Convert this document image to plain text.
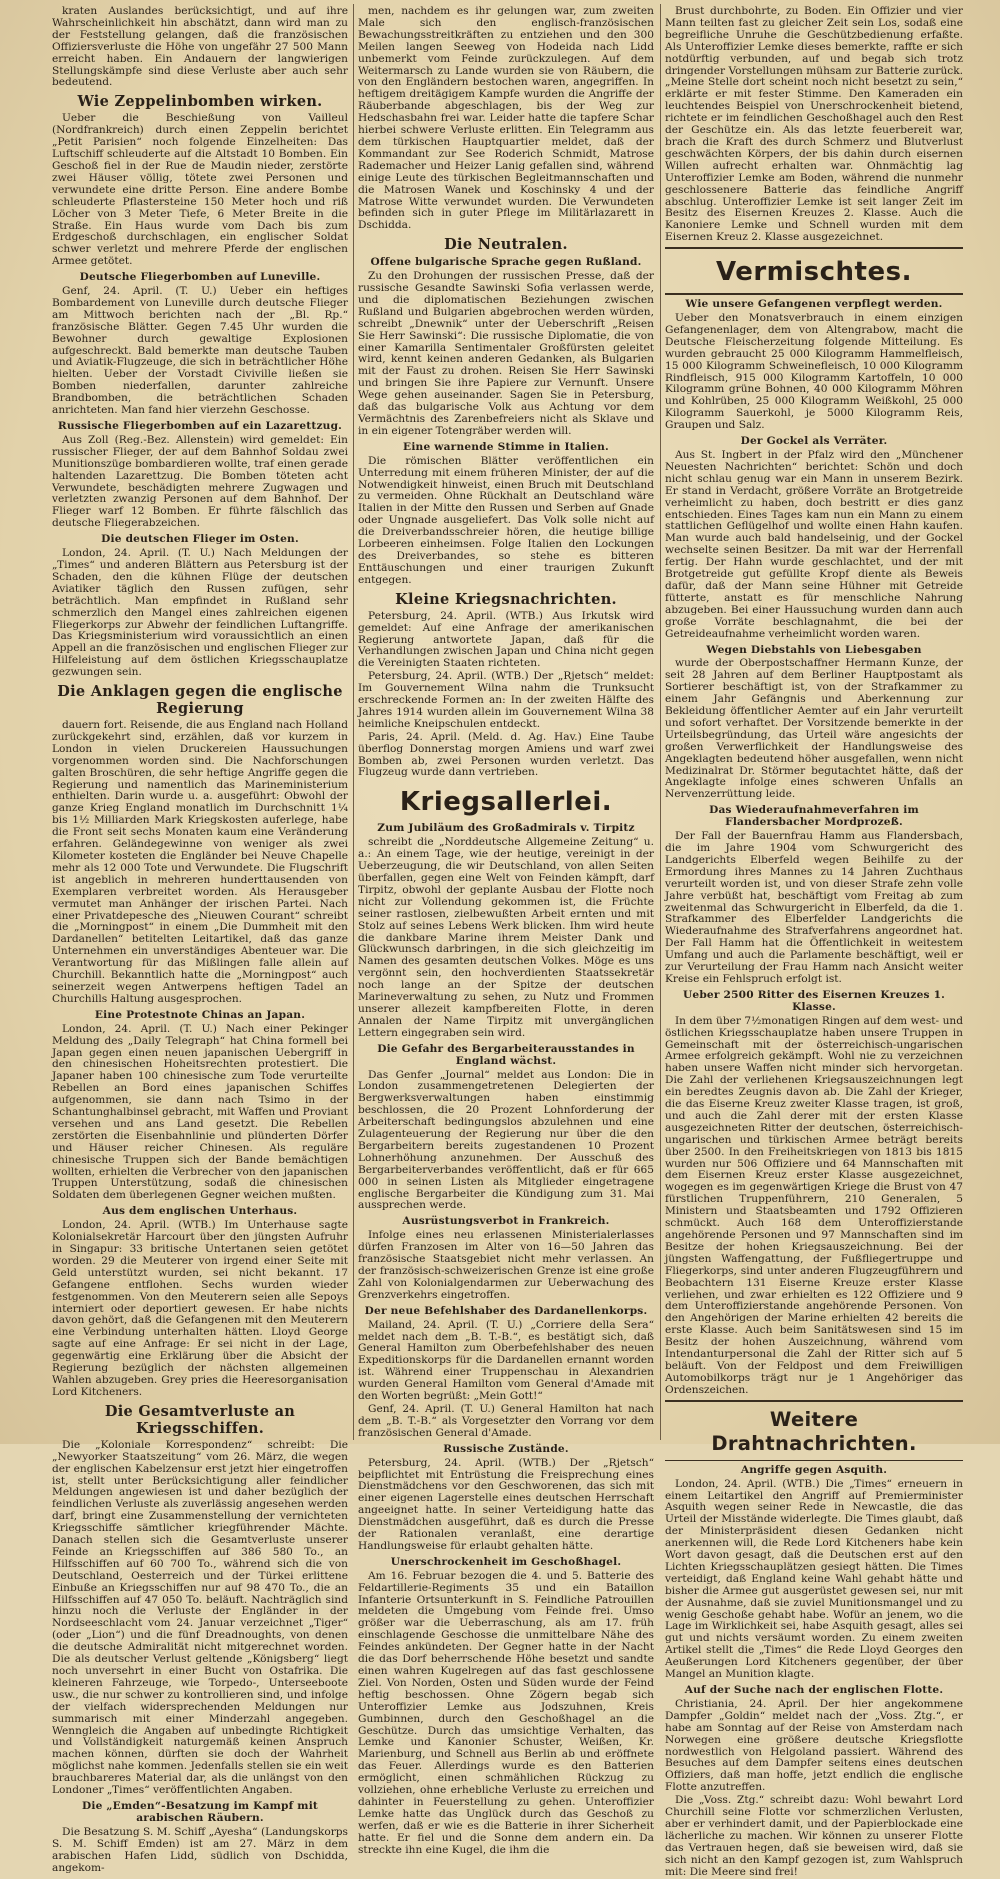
kraten Auslandes berücksichtigt, und auf ihre Wahrscheinlichkeit hin abschätzt, dann wird man zu der Feststellung gelangen, daß die französischen Offiziersverluste die Höhe von ungefähr 27 500 Mann erreicht haben. Ein Andauern der langwierigen Stellungskämpfe sind diese Verluste aber auch sehr bedeutend.

Wie Zeppelinbomben wirken.

Ueber die Beschießung von Vailleul (Nordfrankreich) durch einen Zeppelin berichtet „Petit Parisien“ noch folgende Einzelheiten: Das Luftschiff schleuderte auf die Altstadt 10 Bomben. Ein Geschoß fiel in der Rue de Maudin nieder, zerstörte zwei Häuser völlig, tötete zwei Personen und verwundete eine dritte Person. Eine andere Bombe schleuderte Pflastersteine 150 Meter hoch und riß Löcher von 3 Meter Tiefe, 6 Meter Breite in die Straße. Ein Haus wurde vom Dach bis zum Erdgeschoß durchschlagen, ein englischer Soldat schwer verletzt und mehrere Pferde der englischen Armee getötet.

Deutsche Fliegerbomben auf Luneville.

Genf, 24. April. (T. U.) Ueber ein heftiges Bombardement von Luneville durch deutsche Flieger am Mittwoch berichten nach der „Bl. Rp.“ französische Blätter. Gegen 7.45 Uhr wurden die Bewohner durch gewaltige Explosionen aufgeschreckt. Bald bemerkte man deutsche Tauben und Aviatik-Flugzeuge, die sich in beträchtlicher Höhe hielten. Ueber der Vorstadt Civiville ließen sie Bomben niederfallen, darunter zahlreiche Brandbomben, die beträchtlichen Schaden anrichteten. Man fand hier vierzehn Geschosse.

Russische Fliegerbomben auf ein Lazarettzug.

Aus Zoll (Reg.-Bez. Allenstein) wird gemeldet: Ein russischer Flieger, der auf dem Bahnhof Soldau zwei Munitionszüge bombardieren wollte, traf einen gerade haltenden Lazarettzug. Die Bomben töteten acht Verwundete, beschädigten mehrere Zugwagen und verletzten zwanzig Personen auf dem Bahnhof. Der Flieger warf 12 Bomben. Er führte fälschlich das deutsche Fliegerabzeichen.

Die deutschen Flieger im Osten.

London, 24. April. (T. U.) Nach Meldungen der „Times“ und anderen Blättern aus Petersburg ist der Schaden, den die kühnen Flüge der deutschen Aviatiker täglich den Russen zufügen, sehr beträchtlich. Man empfindet in Rußland sehr schmerzlich den Mangel eines zahlreichen eigenen Fliegerkorps zur Abwehr der feindlichen Luftangriffe. Das Kriegsministerium wird voraussichtlich an einen Appell an die französischen und englischen Flieger zur Hilfeleistung auf dem östlichen Kriegsschauplatze gezwungen sein.

Die Anklagen gegen die englische Regierung

dauern fort. Reisende, die aus England nach Holland zurückgekehrt sind, erzählen, daß vor kurzem in London in vielen Druckereien Haussuchungen vorgenommen worden sind. Die Nachforschungen galten Broschüren, die sehr heftige Angriffe gegen die Regierung und namentlich das Marineministerium enthielten. Darin wurde u. a. ausgeführt: Obwohl der ganze Krieg England monatlich im Durchschnitt 1¼ bis 1½ Milliarden Mark Kriegskosten auferlege, habe die Front seit sechs Monaten kaum eine Veränderung erfahren. Geländegewinne von weniger als zwei Kilometer kosteten die Engländer bei Neuve Chapelle mehr als 12 000 Tote und Verwundete. Die Flugschrift ist angeblich in mehreren hunderttausenden von Exemplaren verbreitet worden. Als Herausgeber vermutet man Anhänger der irischen Partei. Nach einer Privatdepesche des „Nieuwen Courant“ schreibt die „Morningpost“ in einem „Die Dummheit mit den Dardanellen“ betitelten Leitartikel, daß das ganze Unternehmen ein unverständiges Abenteuer war. Die Verantwortung für das Mißlingen falle allein auf Churchill. Bekanntlich hatte die „Morningpost“ auch seinerzeit wegen Antwerpens heftigen Tadel an Churchills Haltung ausgesprochen.

Eine Protestnote Chinas an Japan.

London, 24. April. (T. U.) Nach einer Pekinger Meldung des „Daily Telegraph“ hat China formell bei Japan gegen einen neuen japanischen Uebergriff in den chinesischen Hoheitsrechten protestiert. Die Japaner haben 100 chinesische zum Tode verurteilte Rebellen an Bord eines japanischen Schiffes aufgenommen, sie dann nach Tsimo in der Schantunghalbinsel gebracht, mit Waffen und Proviant versehen und ans Land gesetzt. Die Rebellen zerstörten die Eisenbahnlinie und plünderten Dörfer und Häuser reicher Chinesen. Als reguläre chinesische Truppen sich der Bande bemächtigen wollten, erhielten die Verbrecher von den japanischen Truppen Unterstützung, sodaß die chinesischen Soldaten dem überlegenen Gegner weichen mußten.

Aus dem englischen Unterhaus.

London, 24. April. (WTB.) Im Unterhause sagte Kolonialsekretär Harcourt über den jüngsten Aufruhr in Singapur: 33 britische Untertanen seien getötet worden. 29 die Meuterer von irgend einer Seite mit Geld unterstützt wurden, sei nicht bekannt. 17 Gefangene entflohen. Sechs wurden wieder festgenommen. Von den Meuterern seien alle Sepoys interniert oder deportiert gewesen. Er habe nichts davon gehört, daß die Gefangenen mit den Meuterern eine Verbindung unterhalten hätten. Lloyd George sagte auf eine Anfrage: Er sei nicht in der Lage, gegenwärtig eine Erklärung über die Absicht der Regierung bezüglich der nächsten allgemeinen Wahlen abzugeben. Grey pries die Heeresorganisation Lord Kitcheners.

Die Gesamtverluste an Kriegsschiffen.

Die „Koloniale Korrespondenz“ schreibt: Die „Newyorker Staatszeitung“ vom 26. März, die wegen der englischen Kabelzensur erst jetzt hier eingetroffen ist, stellt unter Berücksichtigung aller feindlicher Meldungen angewiesen ist und daher bezüglich der feindlichen Verluste als zuverlässig angesehen werden darf, bringt eine Zusammenstellung der vernichteten Kriegsschiffe sämtlicher kriegführender Mächte. Danach stellen sich die Gesamtverluste unserer Feinde an Kriegsschiffen auf 386 580 To., an Hilfsschiffen auf 60 700 To., während sich die von Deutschland, Oesterreich und der Türkei erlittene Einbuße an Kriegsschiffen nur auf 98 470 To., die an Hilfsschiffen auf 47 050 To. beläuft. Nachträglich sind hinzu noch die Verluste der Engländer in der Nordseeschlacht vom 24. Januar verzeichnet „Tiger“ (oder „Lion“) und die fünf Dreadnoughts, von denen die deutsche Admiralität nicht mitgerechnet worden. Die als deutscher Verlust geltende „Königsberg“ liegt noch unversehrt in einer Bucht von Ostafrika. Die kleineren Fahrzeuge, wie Torpedo-, Unterseeboote usw., die nur schwer zu kontrollieren sind, und infolge der vielfach widersprechenden Meldungen nur summarisch mit einer Minderzahl angegeben. Wenngleich die Angaben auf unbedingte Richtigkeit und Vollständigkeit naturgemäß keinen Anspruch machen können, dürften sie doch der Wahrheit möglichst nahe kommen. Jedenfalls stellen sie ein weit brauchbareres Material dar, als die unlängst von den Londoner „Times“ veröffentlichten Angaben.

Die „Emden“-Besatzung im Kampf mit arabischen Räubern.

Die Besatzung S. M. Schiff „Ayesha“ (Landungskorps S. M. Schiff Emden) ist am 27. März in dem arabischen Hafen Lidd, südlich von Dschidda, angekom-

men, nachdem es ihr gelungen war, zum zweiten Male sich den englisch-französischen Bewachungsstreitkräften zu entziehen und den 300 Meilen langen Seeweg von Hodeida nach Lidd unbemerkt vom Feinde zurückzulegen. Auf dem Weitermarsch zu Lande wurden sie von Räubern, die von den Engländern bestochen waren, angegriffen. In heftigem dreitägigem Kampfe wurden die Angriffe der Räuberbande abgeschlagen, bis der Weg zur Hedschasbahn frei war. Leider hatte die tapfere Schar hierbei schwere Verluste erlitten. Ein Telegramm aus dem türkischen Hauptquartier meldet, daß der Kommandant zur See Roderich Schmidt, Matrose Rademacher und Heizer Lanig gefallen sind, während einige Leute des türkischen Begleitmannschaften und die Matrosen Wanek und Koschinsky 4 und der Matrose Witte verwundet wurden. Die Verwundeten befinden sich in guter Pflege im Militärlazarett in Dschidda.

Die Neutralen.
Offene bulgarische Sprache gegen Rußland.

Zu den Drohungen der russischen Presse, daß der russische Gesandte Sawinski Sofia verlassen werde, und die diplomatischen Beziehungen zwischen Rußland und Bulgarien abgebrochen werden würden, schreibt „Dnewnik“ unter der Ueberschrift „Reisen Sie Herr Sawinski“: Die russische Diplomatie, die von einer Kamarilla Sentimentaler Großfürsten geleitet wird, kennt keinen anderen Gedanken, als Bulgarien mit der Faust zu drohen. Reisen Sie Herr Sawinski und bringen Sie ihre Papiere zur Vernunft. Unsere Wege gehen auseinander. Sagen Sie in Petersburg, daß das bulgarische Volk aus Achtung vor dem Vermächtnis des Zarenbefreiers nicht als Sklave und in ein eigener Totengräber werden will.

Eine warnende Stimme in Italien.

Die römischen Blätter veröffentlichen ein Unterredung mit einem früheren Minister, der auf die Notwendigkeit hinweist, einen Bruch mit Deutschland zu vermeiden. Ohne Rückhalt an Deutschland wäre Italien in der Mitte den Russen und Serben auf Gnade oder Ungnade ausgeliefert. Das Volk solle nicht auf die Dreiverbandsschreier hören, die heutige billige Lorbeeren einheimsen. Folge Italien den Lockungen des Dreiverbandes, so stehe es bitteren Enttäuschungen und einer traurigen Zukunft entgegen.

Kleine Kriegsnachrichten.

Petersburg, 24. April. (WTB.) Aus Irkutsk wird gemeldet: Auf eine Anfrage der amerikanischen Regierung antwortete Japan, daß für die Verhandlungen zwischen Japan und China nicht gegen die Vereinigten Staaten richteten.

Petersburg, 24. April. (WTB.) Der „Rjetsch“ meldet: Im Gouvernement Wilna nahm die Trunksucht erschreckende Formen an: In der zweiten Hälfte des Jahres 1914 wurden allein im Gouvernement Wilna 38 heimliche Kneipschulen entdeckt.

Paris, 24. April. (Meld. d. Ag. Hav.) Eine Taube überflog Donnerstag morgen Amiens und warf zwei Bomben ab, zwei Personen wurden verletzt. Das Flugzeug wurde dann vertrieben.

Kriegsallerlei.
Zum Jubiläum des Großadmirals v. Tirpitz

schreibt die „Norddeutsche Allgemeine Zeitung“ u. a.: An einem Tage, wie der heutige, vereinigt in der Ueberzeugung, die wir Deutschland, von allen Seiten überfallen, gegen eine Welt von Feinden kämpft, darf Tirpitz, obwohl der geplante Ausbau der Flotte noch nicht zur Vollendung gekommen ist, die Früchte seiner rastlosen, zielbewußten Arbeit ernten und mit Stolz auf seines Lebens Werk blicken. Ihm wird heute die dankbare Marine ihrem Meister Dank und Glückwunsch darbringen, in die sich gleichzeitig im Namen des gesamten deutschen Volkes. Möge es uns vergönnt sein, den hochverdienten Staatssekretär noch lange an der Spitze der deutschen Marineverwaltung zu sehen, zu Nutz und Frommen unserer allezeit kampfbereiten Flotte, in deren Annalen der Name Tirpitz mit unvergänglichen Lettern eingegraben sein wird.

Die Gefahr des Bergarbeiterausstandes in England wächst.

Das Genfer „Journal“ meldet aus London: Die in London zusammengetretenen Delegierten der Bergwerksverwaltungen haben einstimmig beschlossen, die 20 Prozent Lohnforderung der Arbeiterschaft bedingungslos abzulehnen und eine Zulagenteuerung der Regierung nur über die den Bergarbeitern bereits zugestandenen 10 Prozent Lohnerhöhung anzunehmen. Der Ausschuß des Bergarbeiterverbandes veröffentlicht, daß er für 665 000 in seinen Listen als Mitglieder eingetragene englische Bergarbeiter die Kündigung zum 31. Mai aussprechen werde.

Ausrüstungsverbot in Frankreich.

Infolge eines neu erlassenen Ministerialerlasses dürfen Franzosen im Alter von 16—50 Jahren das französische Staatsgebiet nicht mehr verlassen. An der französisch-schweizerischen Grenze ist eine große Zahl von Kolonialgendarmen zur Ueberwachung des Grenzverkehrs eingetroffen.

Der neue Befehlshaber des Dardanellenkorps.

Mailand, 24. April. (T. U.) „Corriere della Sera“ meldet nach dem „B. T.-B.“, es bestätigt sich, daß General Hamilton zum Oberbefehlshaber des neuen Expeditionskorps für die Dardanellen ernannt worden ist. Während einer Truppenschau in Alexandrien wurden General Hamilton vom General d'Amade mit den Worten begrüßt: „Mein Gott!“

Genf, 24. April. (T. U.) General Hamilton hat nach dem „B. T.-B.“ als Vorgesetzter den Vorrang vor dem französischen General d'Amade.

Russische Zustände.

Petersburg, 24. April. (WTB.) Der „Rjetsch“ beipflichtet mit Entrüstung die Freisprechung eines Dienstmädchens vor den Geschworenen, das sich mit einer eigenen Lagerstelle eines deutschen Herrschaft angeeignet hatte. In seiner Verteidigung hatte das Dienstmädchen ausgeführt, daß es durch die Presse der Rationalen veranlaßt, eine derartige Handlungsweise für erlaubt gehalten hätte.

Unerschrockenheit im Geschoßhagel.

Am 16. Februar bezogen die 4. und 5. Batterie des Feldartillerie-Regiments 35 und ein Bataillon Infanterie Ortsunterkunft in S. Feindliche Patrouillen meldeten die Umgebung vom Feinde frei. Umso größer war die Ueberraschung, als am 17. früh einschlagende Geschosse die unmittelbare Nähe des Feindes ankündeten. Der Gegner hatte in der Nacht die das Dorf beherrschende Höhe besetzt und sandte einen wahren Kugelregen auf das fast geschlossene Ziel. Von Norden, Osten und Süden wurde der Feind heftig beschossen. Ohne Zögern begab sich Unteroffizier Lemke aus Jodszuhnen, Kreis Gumbinnen, durch den Geschoßhagel an die Geschütze. Durch das umsichtige Verhalten, das Lemke und Kanonier Schuster, Weißen, Kr. Marienburg, und Schnell aus Berlin ab und eröffnete das Feuer. Allerdings wurde es den Batterien ermöglicht, einen schmählichen Rückzug zu vollziehen, ohne erhebliche Verluste zu erreichen und dahinter in Feuerstellung zu gehen. Unteroffizier Lemke hatte das Unglück durch das Geschoß zu werfen, daß er wie es die Batterie in ihrer Sicherheit hatte. Er fiel und die Sonne dem andern ein. Da streckte ihn eine Kugel, die ihm die

Brust durchbohrte, zu Boden. Ein Offizier und vier Mann teilten fast zu gleicher Zeit sein Los, sodaß eine begreifliche Unruhe die Geschützbedienung erfaßte. Als Unteroffizier Lemke dieses bemerkte, raffte er sich notdürftig verbunden, auf und begab sich trotz dringender Vorstellungen mühsam zur Batterie zurück. „Meine Stelle dort scheint noch nicht besetzt zu sein,“ erklärte er mit fester Stimme. Den Kameraden ein leuchtendes Beispiel von Unerschrockenheit bietend, richtete er im feindlichen Geschoßhagel auch den Rest der Geschütze ein. Als das letzte feuerbereit war, brach die Kraft des durch Schmerz und Blutverlust geschwächten Körpers, der bis dahin durch eisernen Willen aufrecht erhalten war. Ohnmächtig lag Unteroffizier Lemke am Boden, während die nunmehr geschlossenere Batterie das feindliche Angriff abschlug. Unteroffizier Lemke ist seit langer Zeit im Besitz des Eisernen Kreuzes 2. Klasse. Auch die Kanoniere Lemke und Schnell wurden mit dem Eisernen Kreuz 2. Klasse ausgezeichnet.

Vermischtes.
Wie unsere Gefangenen verpflegt werden.

Ueber den Monatsverbrauch in einem einzigen Gefangenenlager, dem von Altengrabow, macht die Deutsche Fleischerzeitung folgende Mitteilung. Es wurden gebraucht 25 000 Kilogramm Hammelfleisch, 15 000 Kilogramm Schweinefleisch, 10 000 Kilogramm Rindfleisch, 915 000 Kilogramm Kartoffeln, 10 000 Kilogramm grüne Bohnen, 40 000 Kilogramm Möhren und Kohlrüben, 25 000 Kilogramm Weißkohl, 25 000 Kilogramm Sauerkohl, je 5000 Kilogramm Reis, Graupen und Salz.

Der Gockel als Verräter.

Aus St. Ingbert in der Pfalz wird den „Münchener Neuesten Nachrichten“ berichtet: Schön und doch nicht schlau genug war ein Mann in unserem Bezirk. Er stand in Verdacht, größere Vorräte an Brotgetreide verheimlicht zu haben, doch bestritt er dies ganz entschieden. Eines Tages kam nun ein Mann zu einem stattlichen Geflügelhof und wollte einen Hahn kaufen. Man wurde auch bald handelseinig, und der Gockel wechselte seinen Besitzer. Da mit war der Herrenfall fertig. Der Hahn wurde geschlachtet, und der mit Brotgetreide gut gefüllte Kropf diente als Beweis dafür, daß der Mann seine Hühner mit Getreide fütterte, anstatt es für menschliche Nahrung abzugeben. Bei einer Haussuchung wurden dann auch große Vorräte beschlagnahmt, die bei der Getreideaufnahme verheimlicht worden waren.

Wegen Diebstahls von Liebesgaben

wurde der Oberpostschaffner Hermann Kunze, der seit 28 Jahren auf dem Berliner Hauptpostamt als Sortierer beschäftigt ist, von der Strafkammer zu einem Jahr Gefängnis und Aberkennung zur Bekleidung öffentlicher Aemter auf ein Jahr verurteilt und sofort verhaftet. Der Vorsitzende bemerkte in der Urteilsbegründung, das Urteil wäre angesichts der großen Verwerflichkeit der Handlungsweise des Angeklagten bedeutend höher ausgefallen, wenn nicht Medizinalrat Dr. Störmer begutachtet hätte, daß der Angeklagte infolge eines schweren Unfalls an Nervenzerrüttung leide.

Das Wiederaufnahmeverfahren im Flandersbacher Mordprozeß.

Der Fall der Bauernfrau Hamm aus Flandersbach, die im Jahre 1904 vom Schwurgericht des Landgerichts Elberfeld wegen Beihilfe zu der Ermordung ihres Mannes zu 14 Jahren Zuchthaus verurteilt worden ist, und von dieser Strafe zehn volle Jahre verbüßt hat, beschäftigt vom Freitag ab zum zweitenmal das Schwurgericht in Elberfeld, da die 1. Strafkammer des Elberfelder Landgerichts die Wiederaufnahme des Strafverfahrens angeordnet hat. Der Fall Hamm hat die Öffentlichkeit in weitestem Umfang und auch die Parlamente beschäftigt, weil er zur Verurteilung der Frau Hamm nach Ansicht weiter Kreise ein Fehlspruch erfolgt ist.

Ueber 2500 Ritter des Eisernen Kreuzes 1. Klasse.

In dem über 7½monatigen Ringen auf dem west- und östlichen Kriegsschauplatze haben unsere Truppen in Gemeinschaft mit der österreichisch-ungarischen Armee erfolgreich gekämpft. Wohl nie zu verzeichnen haben unsere Waffen nicht minder sich hervorgetan. Die Zahl der verliehenen Kriegsauszeichnungen legt ein beredtes Zeugnis davon ab. Die Zahl der Krieger, die das Eiserne Kreuz zweiter Klasse tragen, ist groß, und auch die Zahl derer mit der ersten Klasse ausgezeichneten Ritter der deutschen, österreichisch-ungarischen und türkischen Armee beträgt bereits über 2500. In den Freiheitskriegen von 1813 bis 1815 wurden nur 506 Offiziere und 64 Mannschaften mit dem Eisernen Kreuz erster Klasse ausgezeichnet, wogegen es im gegenwärtigen Kriege die Brust von 47 fürstlichen Truppenführern, 210 Generalen, 5 Ministern und Staatsbeamten und 1792 Offizieren schmückt. Auch 168 dem Unteroffizierstande angehörende Personen und 97 Mannschaften sind im Besitze der hohen Kriegsauszeichnung. Bei der jüngsten Waffengattung, der Fußfliegertruppe und Fliegerkorps, sind unter anderen Flugzeugführern und Beobachtern 131 Eiserne Kreuze erster Klasse verliehen, und zwar erhielten es 122 Offiziere und 9 dem Unteroffizierstande angehörende Personen. Von den Angehörigen der Marine erhielten 42 bereits die erste Klasse. Auch beim Sanitätswesen sind 15 im Besitz der hohen Auszeichnung, während vom Intendanturpersonal die Zahl der Ritter sich auf 5 beläuft. Von der Feldpost und dem Freiwilligen Automobilkorps trägt nur je 1 Angehöriger das Ordenszeichen.

Weitere Drahtnachrichten.
Angriffe gegen Asquith.

London, 24. April. (WTB.) Die „Times“ erneuern in einem Leitartikel den Angriff auf Premierminister Asquith wegen seiner Rede in Newcastle, die das Urteil der Misstände widerlegte. Die Times glaubt, daß der Ministerpräsident diesen Gedanken nicht anerkennen will, die Rede Lord Kitcheners habe kein Wort davon gesagt, daß die Deutschen erst auf den Lichten Kriegsschauplätzen gesiegt hätten. Die Times verteidigt, daß England keine Wahl gehabt hätte und bisher die Armee gut ausgerüstet gewesen sei, nur mit der Ausnahme, daß sie zuviel Munitionsmangel und zu wenig Geschoße gehabt habe. Wofür an jenem, wo die Lage im Wirklichkeit sei, habe Asquith gesagt, alles sei gut und nichts versäumt worden. Zu einem zweiten Artikel stellt die „Times“ die Rede Lloyd Georges den Aeußerungen Lord Kitcheners gegenüber, der über Mangel an Munition klagte.

Auf der Suche nach der englischen Flotte.

Christiania, 24. April. Der hier angekommene Dampfer „Goldin“ meldet nach der „Voss. Ztg.“, er habe am Sonntag auf der Reise von Amsterdam nach Norwegen eine größere deutsche Kriegsflotte nordwestlich von Helgoland passiert. Während des Besuches auf dem Dampfer seitens eines deutschen Offiziers, daß man hoffe, jetzt endlich die englische Flotte anzutreffen.

Die „Voss. Ztg.“ schreibt dazu: Wohl bewahrt Lord Churchill seine Flotte vor schmerzlichen Verlusten, aber er verhindert damit, und der Papierblockade eine lächerliche zu machen. Wir können zu unserer Flotte das Vertrauen hegen, daß sie beweisen wird, daß sie sich nicht an den Kampf gezogen ist, zum Wahlspruch mit: Die Meere sind frei!
